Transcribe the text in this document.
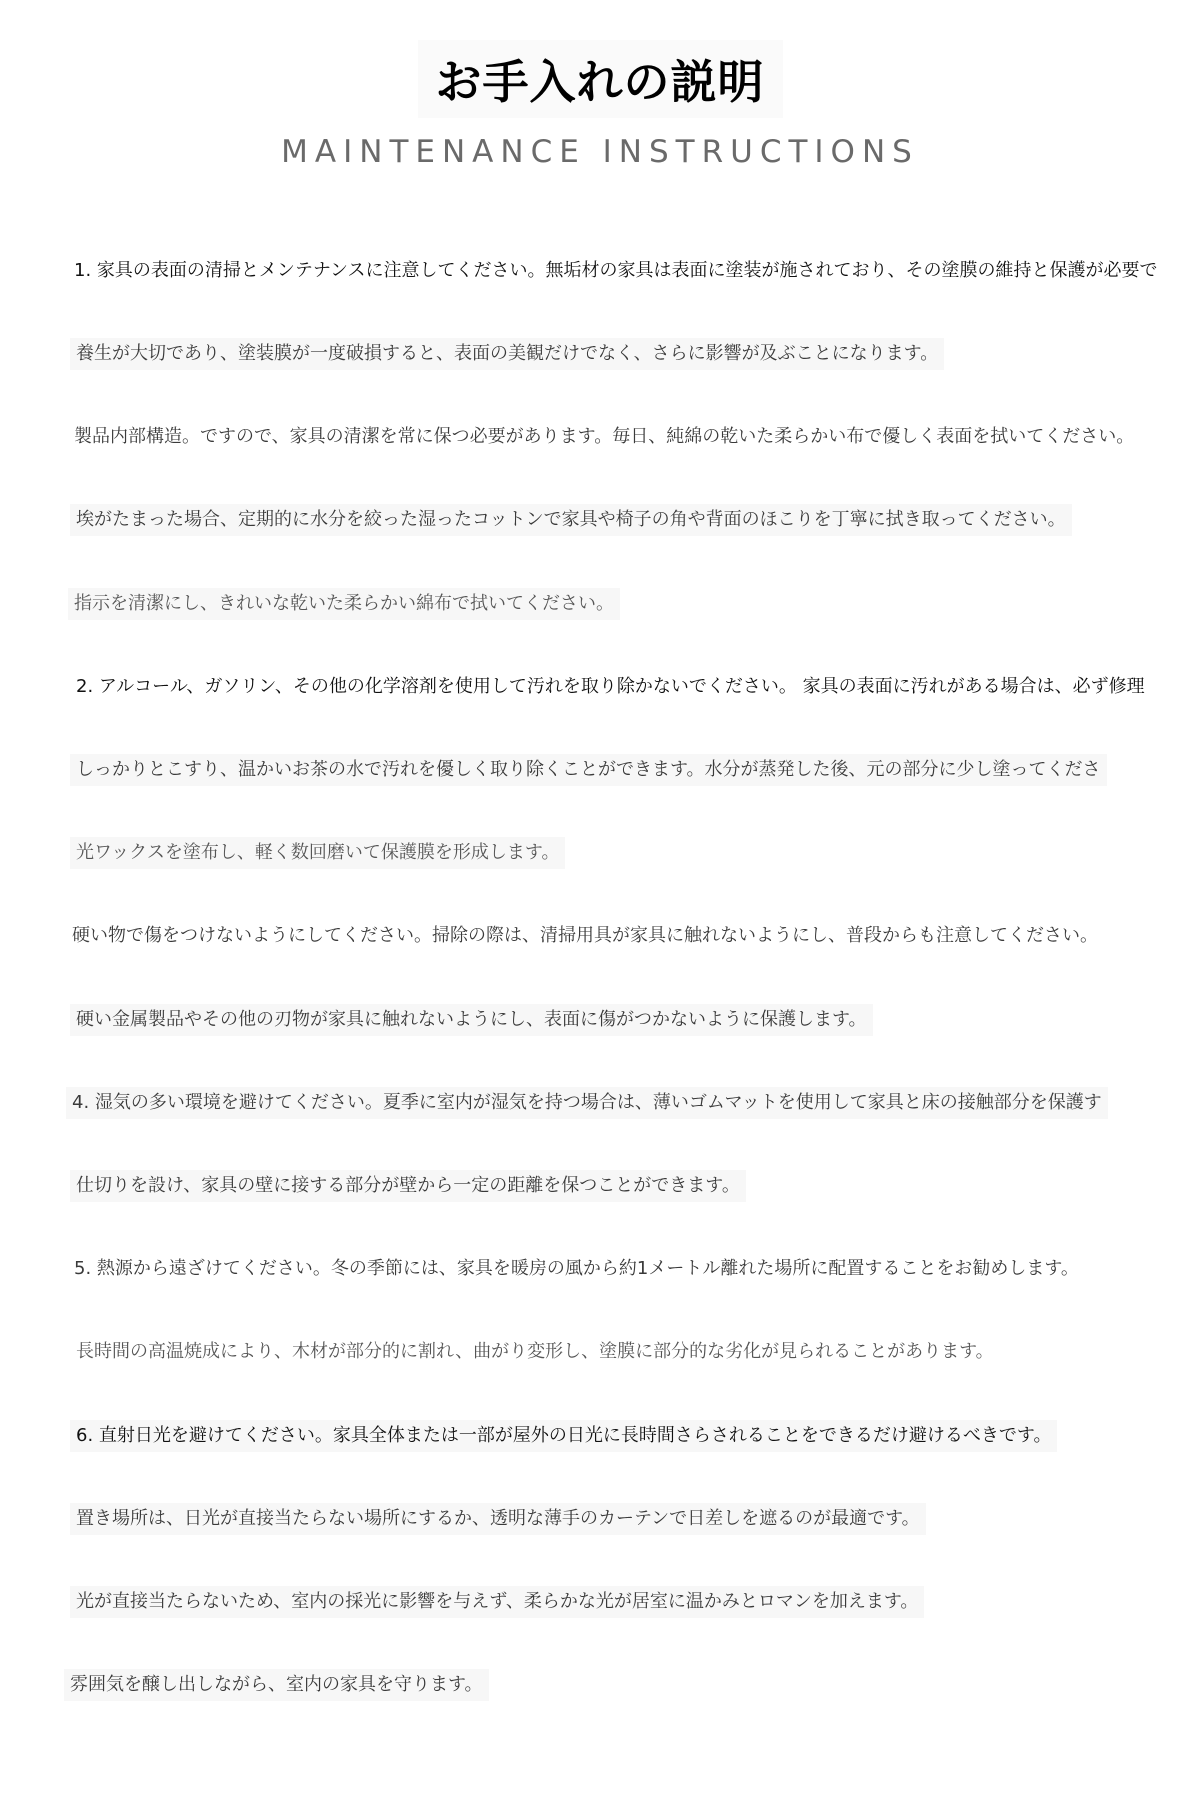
お手入れの説明
MAINTENANCE INSTRUCTIONS
1. 家具の表面の清掃とメンテナンスに注意してください。無垢材の家具は表面に塗装が施されており、その塗膜の維持と保護が必要で
養生が大切であり、塗装膜が一度破損すると、表面の美観だけでなく、さらに影響が及ぶことになります。
製品内部構造。ですので、家具の清潔を常に保つ必要があります。毎日、純綿の乾いた柔らかい布で優しく表面を拭いてください。
埃がたまった場合、定期的に水分を絞った湿ったコットンで家具や椅子の角や背面のほこりを丁寧に拭き取ってください。
指示を清潔にし、きれいな乾いた柔らかい綿布で拭いてください。
2. アルコール、ガソリン、その他の化学溶剤を使用して汚れを取り除かないでください。 家具の表面に汚れがある場合は、必ず修理
しっかりとこすり、温かいお茶の水で汚れを優しく取り除くことができます。水分が蒸発した後、元の部分に少し塗ってくださ
光ワックスを塗布し、軽く数回磨いて保護膜を形成します。
硬い物で傷をつけないようにしてください。掃除の際は、清掃用具が家具に触れないようにし、普段からも注意してください。
硬い金属製品やその他の刃物が家具に触れないようにし、表面に傷がつかないように保護します。
4. 湿気の多い環境を避けてください。夏季に室内が湿気を持つ場合は、薄いゴムマットを使用して家具と床の接触部分を保護す
仕切りを設け、家具の壁に接する部分が壁から一定の距離を保つことができます。
5. 熱源から遠ざけてください。冬の季節には、家具を暖房の風から約1メートル離れた場所に配置することをお勧めします。
長時間の高温焼成により、木材が部分的に割れ、曲がり変形し、塗膜に部分的な劣化が見られることがあります。
6. 直射日光を避けてください。家具全体または一部が屋外の日光に長時間さらされることをできるだけ避けるべきです。
置き場所は、日光が直接当たらない場所にするか、透明な薄手のカーテンで日差しを遮るのが最適です。
光が直接当たらないため、室内の採光に影響を与えず、柔らかな光が居室に温かみとロマンを加えます。
雰囲気を醸し出しながら、室内の家具を守ります。
